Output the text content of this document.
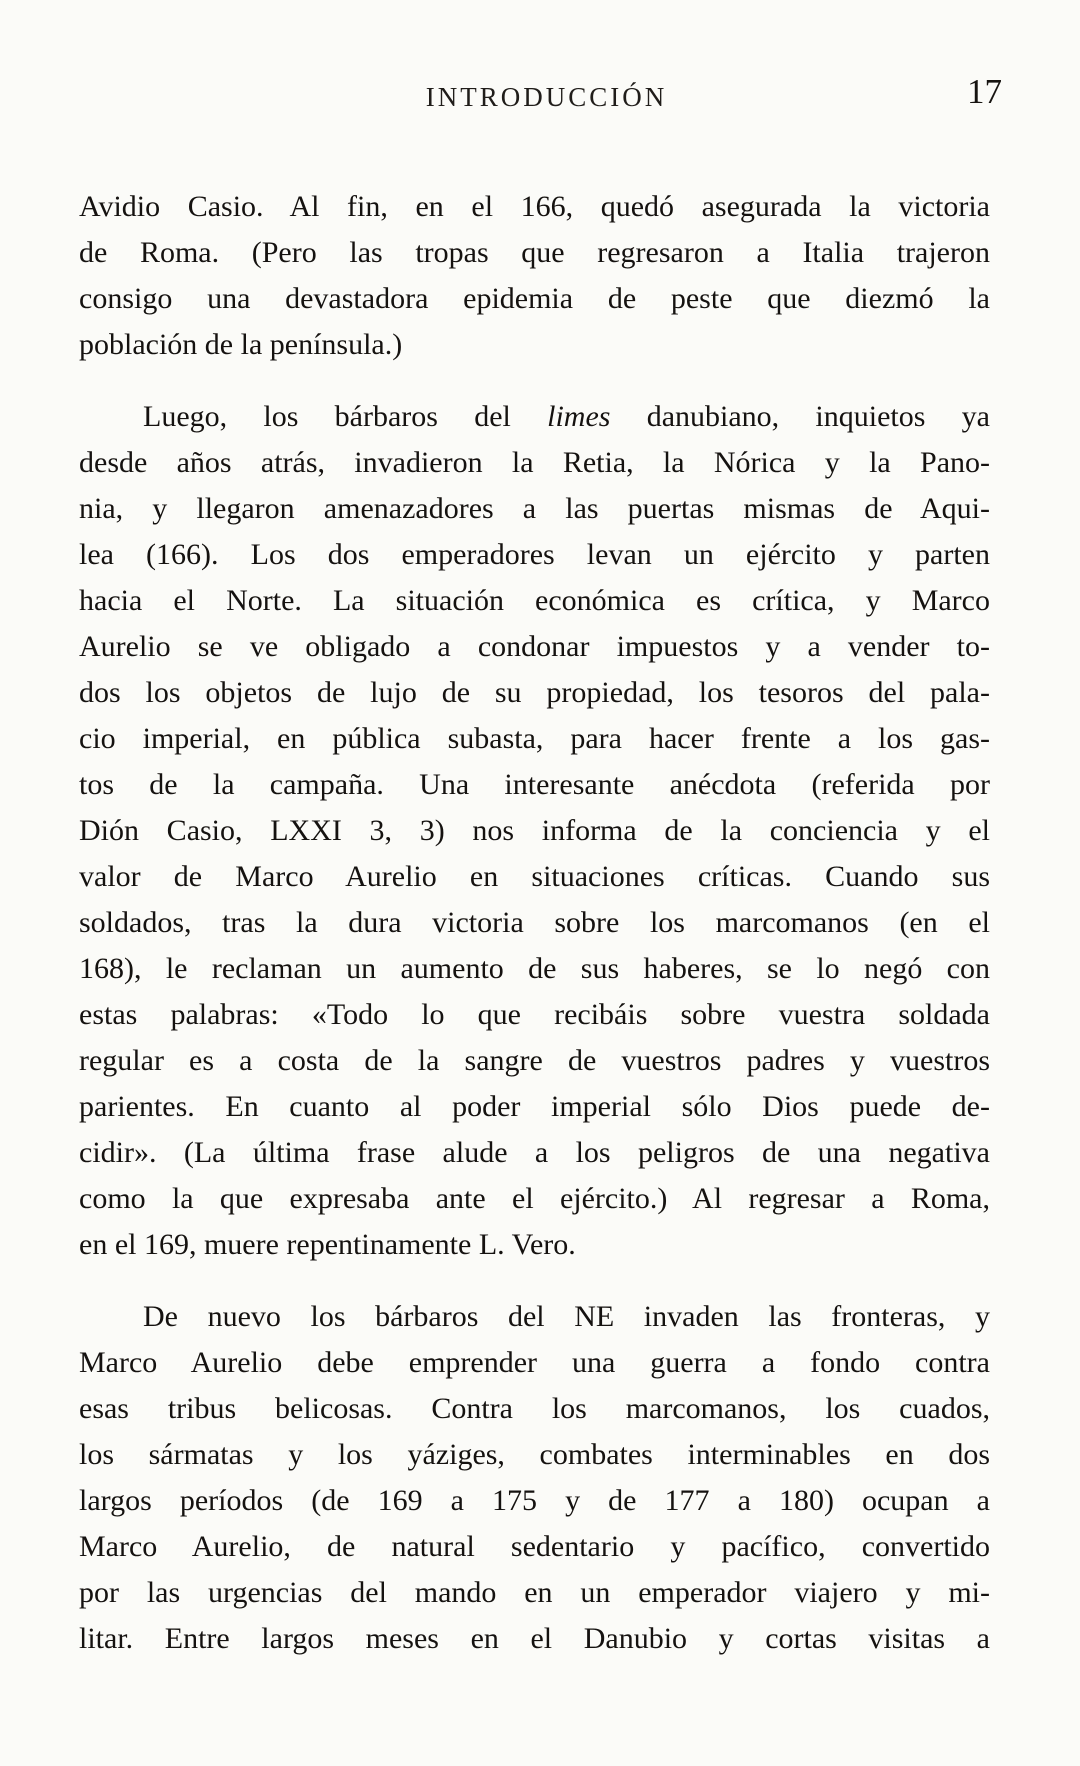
INTRODUCCIÓN	17
Avidio Casio. Al fin, en el 166, quedó asegurada la victoria
de Roma. (Pero las tropas que regresaron a Italia trajeron
consigo una devastadora epidemia de peste que diezmó la
población de la península.)
Luego, los bárbaros del limes danubiano, inquietos ya
desde años atrás, invadieron la Retia, la Nórica y la Pano-
nia, y llegaron amenazadores a las puertas mismas de Aqui-
lea (166). Los dos emperadores levan un ejército y parten
hacia el Norte. La situación económica es crítica, y Marco
Aurelio se ve obligado a condonar impuestos y a vender to-
dos los objetos de lujo de su propiedad, los tesoros del pala-
cio imperial, en pública subasta, para hacer frente a los gas-
tos de la campaña. Una interesante anécdota (referida por
Dión Casio, LXXI 3, 3) nos informa de la conciencia y el
valor de Marco Aurelio en situaciones críticas. Cuando sus
soldados, tras la dura victoria sobre los marcomanos (en el
168), le reclaman un aumento de sus haberes, se lo negó con
estas palabras: «Todo lo que recibáis sobre vuestra soldada
regular es a costa de la sangre de vuestros padres y vuestros
parientes. En cuanto al poder imperial sólo Dios puede de-
cidir». (La última frase alude a los peligros de una negativa
como la que expresaba ante el ejército.) Al regresar a Roma,
en el 169, muere repentinamente L. Vero.
De nuevo los bárbaros del NE invaden las fronteras, y
Marco Aurelio debe emprender una guerra a fondo contra
esas tribus belicosas. Contra los marcomanos, los cuados,
los sármatas y los yáziges, combates interminables en dos
largos períodos (de 169 a 175 y de 177 a 180) ocupan a
Marco Aurelio, de natural sedentario y pacífico, convertido
por las urgencias del mando en un emperador viajero y mi-
litar. Entre largos meses en el Danubio y cortas visitas a
